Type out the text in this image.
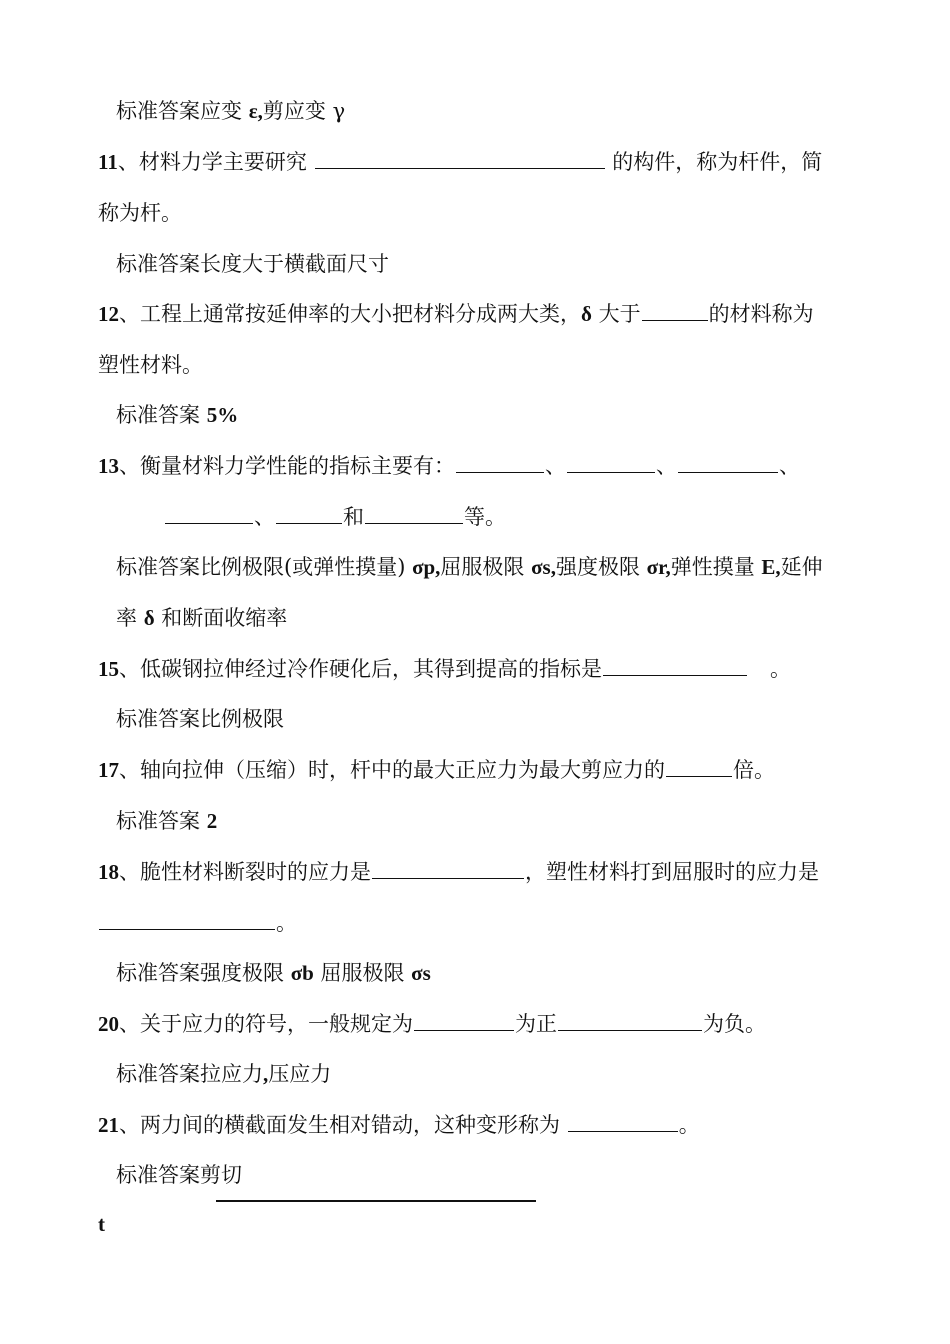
标准答案应变 ε,剪应变 γ
11、材料力学主要研究	的构件，称为杆件，简
称为杆。
标准答案长度大于横截面尺寸
12、工程上通常按延伸率的大小把材料分成两大类，δ 大于	的材料称为
塑性材料。
标准答案 5%
13、衡量材料力学性能的指标主要有：	、	、	、
、	和	等。
标准答案比例极限(或弹性摸量) σp,屈服极限 σs,强度极限 σr,弹性摸量 E,延伸
率 δ 和断面收缩率
15、低碳钢拉伸经过冷作硬化后，其得到提高的指标是	。
标准答案比例极限
17、轴向拉伸（压缩）时，杆中的最大正应力为最大剪应力的	倍。
标准答案 2
18、脆性材料断裂时的应力是	，塑性材料打到屈服时的应力是
。
标准答案强度极限 σb 屈服极限 σs
20、关于应力的符号，一般规定为	为正	为负。
标准答案拉应力,压应力
21、两力间的横截面发生相对错动，这种变形称为	。
标准答案剪切
t
